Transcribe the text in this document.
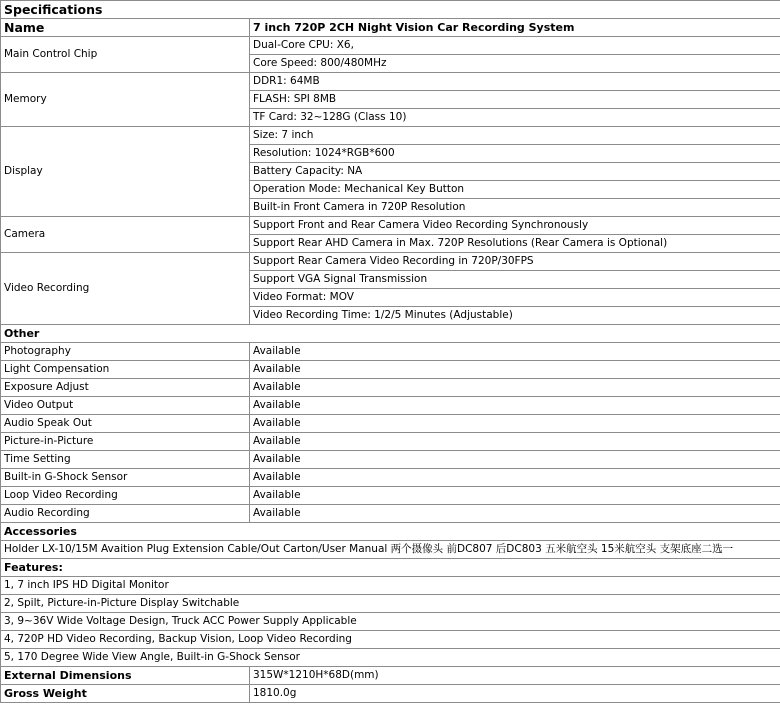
Specifications	
Name	7 inch 720P 2CH Night Vision Car Recording System
Main Control Chip	Dual-Core CPU: X6,
	Core Speed: 800/480MHz
Memory	DDR1: 64MB
	FLASH: SPI 8MB
	TF Card: 32~128G (Class 10)
Display	Size: 7 inch
	Resolution: 1024*RGB*600
	Battery Capacity: NA
	Operation Mode: Mechanical Key Button
	Built-in Front Camera in 720P Resolution
Camera	Support Front and Rear Camera Video Recording Synchronously
	Support Rear AHD Camera in Max. 720P Resolutions (Rear Camera is Optional)
Video Recording	Support Rear Camera Video Recording in 720P/30FPS
	Support VGA Signal Transmission
	Video Format: MOV
	Video Recording Time: 1/2/5 Minutes (Adjustable)
Other	
Photography	Available
Light Compensation	Available
Exposure Adjust	Available
Video Output	Available
Audio Speak Out	Available
Picture-in-Picture	Available
Time Setting	Available
Built-in G-Shock Sensor	Available
Loop Video Recording	Available
Audio Recording	Available
Accessories	
Holder LX-10/15M Avaition Plug Extension Cable/Out Carton/User Manual 两个摄像头 前DC807 后DC803 五米航空头 15米航空头 支架底座二选一	
Features:	
1, 7 inch IPS HD Digital Monitor	
2, Spilt, Picture-in-Picture Display Switchable	
3, 9~36V Wide Voltage Design, Truck ACC Power Supply Applicable	
4, 720P HD Video Recording, Backup Vision, Loop Video Recording	
5, 170 Degree Wide View Angle, Built-in G-Shock Sensor	
External Dimensions	315W*1210H*68D(mm)
Gross Weight	1810.0g
